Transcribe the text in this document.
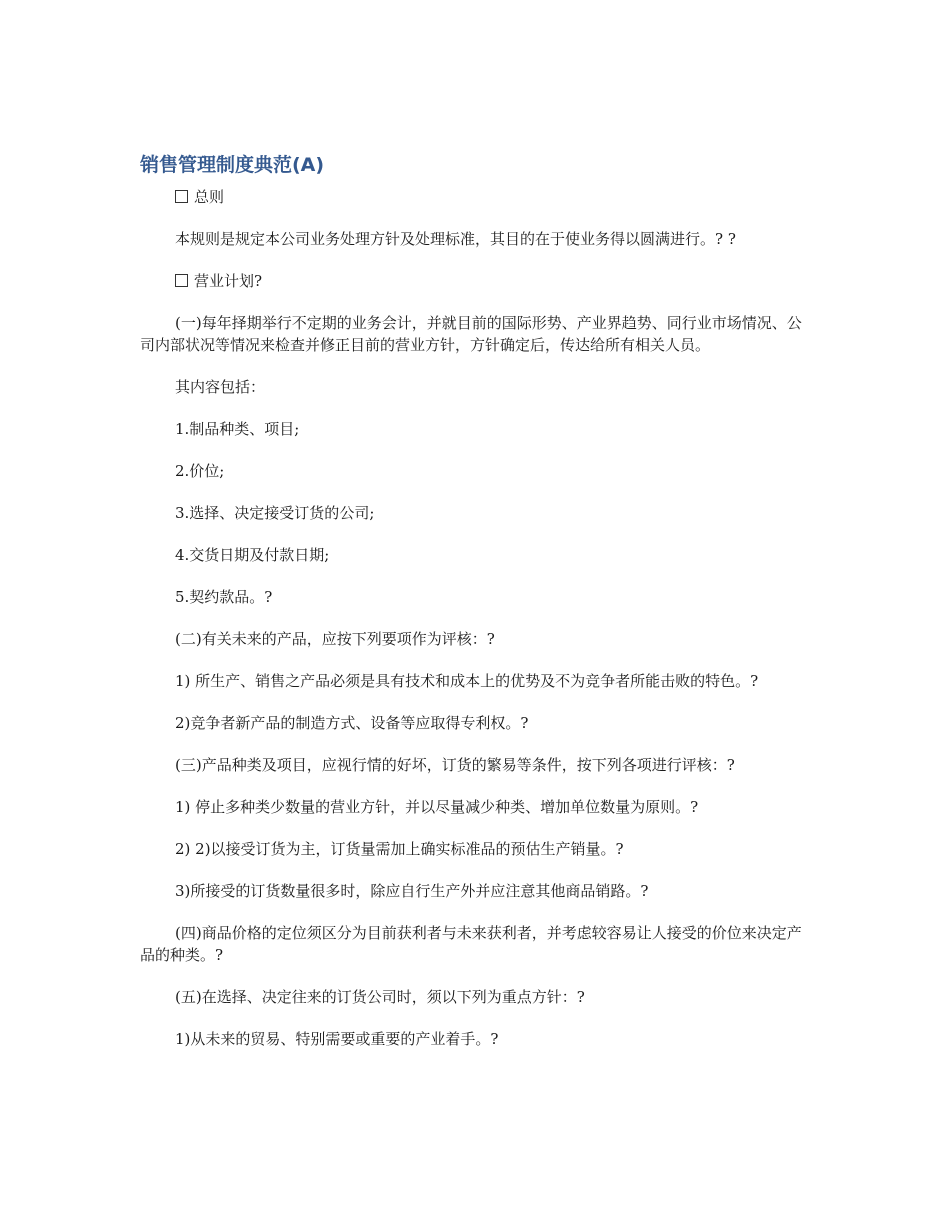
销售管理制度典范(A)

总则

本规则是规定本公司业务处理方针及处理标准，其目的在于使业务得以圆满进行。? ?

营业计划?

(一)每年择期举行不定期的业务会计，并就目前的国际形势、产业界趋势、同行业市场情况、公司内部状况等情况来检查并修正目前的营业方针，方针确定后，传达给所有相关人员。

其内容包括：

1.制品种类、项目;

2.价位;

3.选择、决定接受订货的公司;

4.交货日期及付款日期;

5.契约款品。?

(二)有关未来的产品，应按下列要项作为评核：?

1) 所生产、销售之产品必须是具有技术和成本上的优势及不为竞争者所能击败的特色。?

2)竞争者新产品的制造方式、设备等应取得专利权。?

(三)产品种类及项目，应视行情的好坏，订货的繁易等条件，按下列各项进行评核：?

1) 停止多种类少数量的营业方针，并以尽量减少种类、增加单位数量为原则。?

2) 2)以接受订货为主，订货量需加上确实标准品的预估生产销量。?

3)所接受的订货数量很多时，除应自行生产外并应注意其他商品销路。?

(四)商品价格的定位须区分为目前获利者与未来获利者，并考虑较容易让人接受的价位来决定产品的种类。?

(五)在选择、决定往来的订货公司时，须以下列为重点方针：?

1)从未来的贸易、特别需要或重要的产业着手。?
